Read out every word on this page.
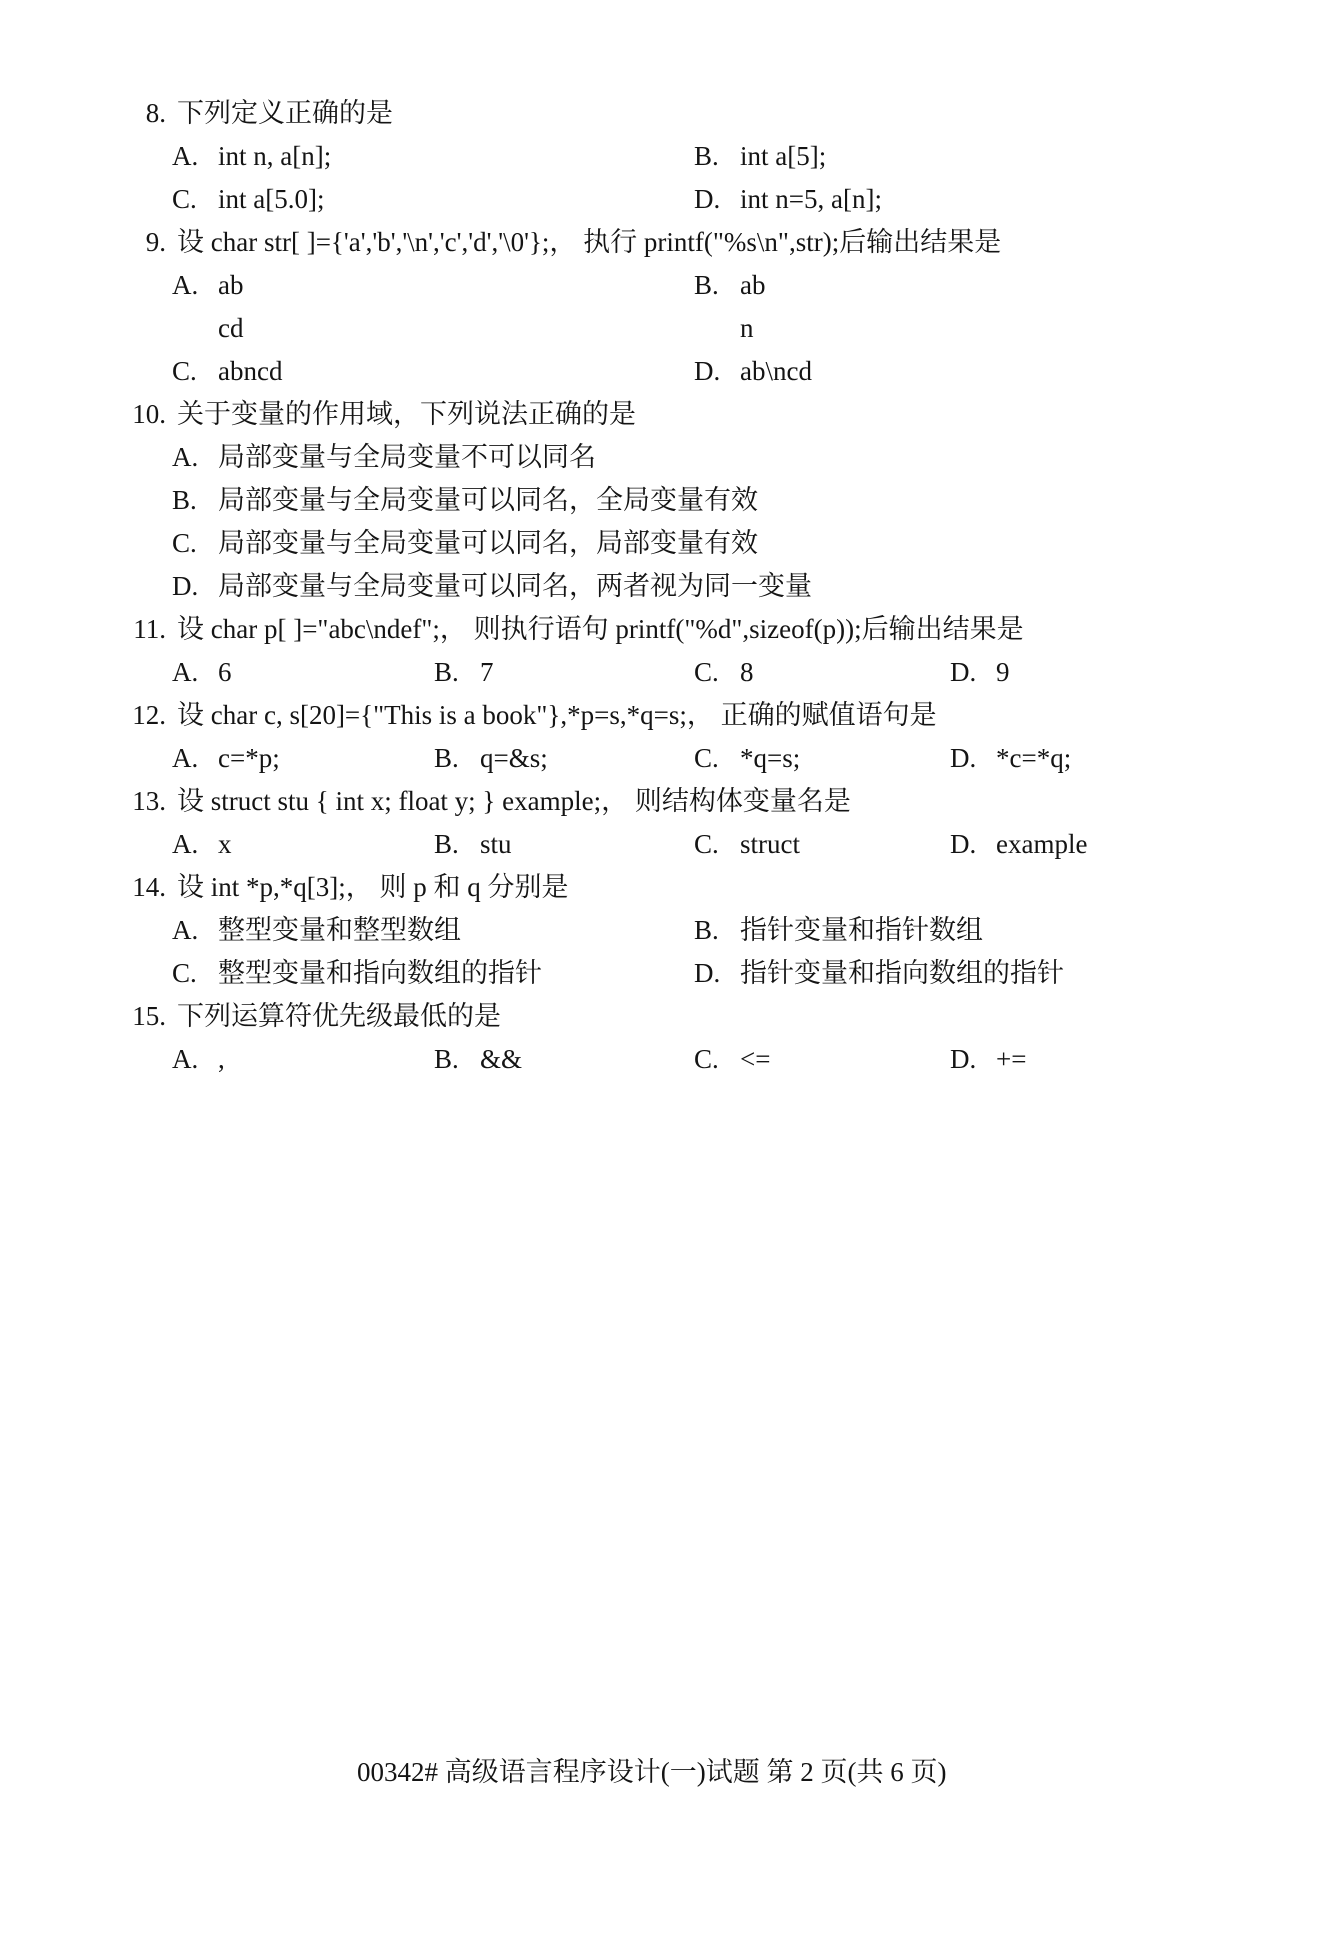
8. 下列定义正确的是
A. int n, a[n];	B. int a[5];
C. int a[5.0];	D. int n=5, a[n];
9. 设 char str[ ]={'a','b','\n','c','d','\0'};， 执行 printf("%s\n",str);后输出结果是
A. ab	B. ab
cd	n
C. abncd	D. ab\ncd
10. 关于变量的作用域，下列说法正确的是
A. 局部变量与全局变量不可以同名
B. 局部变量与全局变量可以同名，全局变量有效
C. 局部变量与全局变量可以同名，局部变量有效
D. 局部变量与全局变量可以同名，两者视为同一变量
11. 设 char p[ ]="abc\ndef";， 则执行语句 printf("%d",sizeof(p));后输出结果是
A. 6	B. 7	C. 8	D. 9
12. 设 char c, s[20]={"This is a book"},*p=s,*q=s;， 正确的赋值语句是
A. c=*p;	B. q=&s;	C. *q=s;	D. *c=*q;
13. 设 struct stu { int x; float y; } example;， 则结构体变量名是
A. x	B. stu	C. struct	D. example
14. 设 int *p,*q[3];， 则 p 和 q 分别是
A. 整型变量和整型数组	B. 指针变量和指针数组
C. 整型变量和指向数组的指针	D. 指针变量和指向数组的指针
15. 下列运算符优先级最低的是
A. ,	B. &&	C. <=	D. +=
00342# 高级语言程序设计(一)试题 第 2 页(共 6 页)
